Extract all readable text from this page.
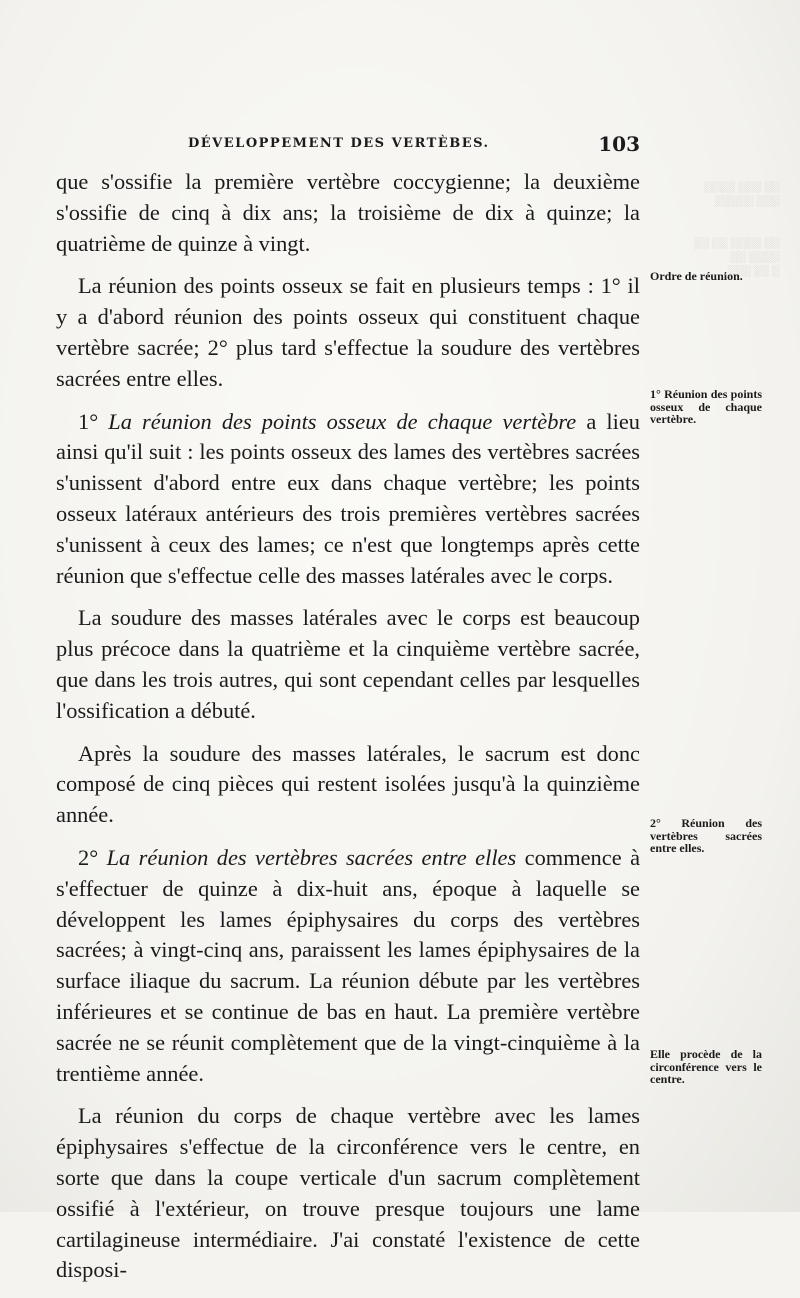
░░ ░░░ ░░░░
░░░ ░░░░░

░░ ░░░░ ░░ ░░
░░░░ ░░
░ ░░ ░░░
DÉVELOPPEMENT DES VERTÈBES.	103

que s'ossifie la première vertèbre coccygienne; la deuxième s'ossifie de cinq à dix ans; la troisième de dix à quinze; la quatrième de quinze à vingt.

La réunion des points osseux se fait en plusieurs temps : 1° il y a d'abord réunion des points osseux qui constituent chaque vertèbre sacrée; 2° plus tard s'effectue la soudure des vertèbres sacrées entre elles.

1° La réunion des points osseux de chaque vertèbre a lieu ainsi qu'il suit : les points osseux des lames des vertèbres sacrées s'unissent d'abord entre eux dans chaque vertèbre; les points osseux latéraux antérieurs des trois premières vertèbres sacrées s'unissent à ceux des lames; ce n'est que longtemps après cette réunion que s'effectue celle des masses latérales avec le corps.

La soudure des masses latérales avec le corps est beaucoup plus précoce dans la quatrième et la cinquième vertèbre sacrée, que dans les trois autres, qui sont cependant celles par lesquelles l'ossification a débuté.

Après la soudure des masses latérales, le sacrum est donc composé de cinq pièces qui restent isolées jusqu'à la quinzième année.

2° La réunion des vertèbres sacrées entre elles commence à s'effectuer de quinze à dix-huit ans, époque à laquelle se développent les lames épiphysaires du corps des vertèbres sacrées; à vingt-cinq ans, paraissent les lames épiphysaires de la surface iliaque du sacrum. La réunion débute par les vertèbres inférieures et se continue de bas en haut. La première vertèbre sacrée ne se réunit complètement que de la vingt-cinquième à la trentième année.

La réunion du corps de chaque vertèbre avec les lames épiphysaires s'effectue de la circonférence vers le centre, en sorte que dans la coupe verticale d'un sacrum complètement ossifié à l'extérieur, on trouve presque toujours une lame cartilagineuse intermédiaire. J'ai constaté l'existence de cette disposi-

Ordre de réunion.
1° Réunion des points osseux de chaque vertèbre.
2° Réunion des vertèbres sacrées entre elles.
Elle procède de la circonférence vers le centre.
